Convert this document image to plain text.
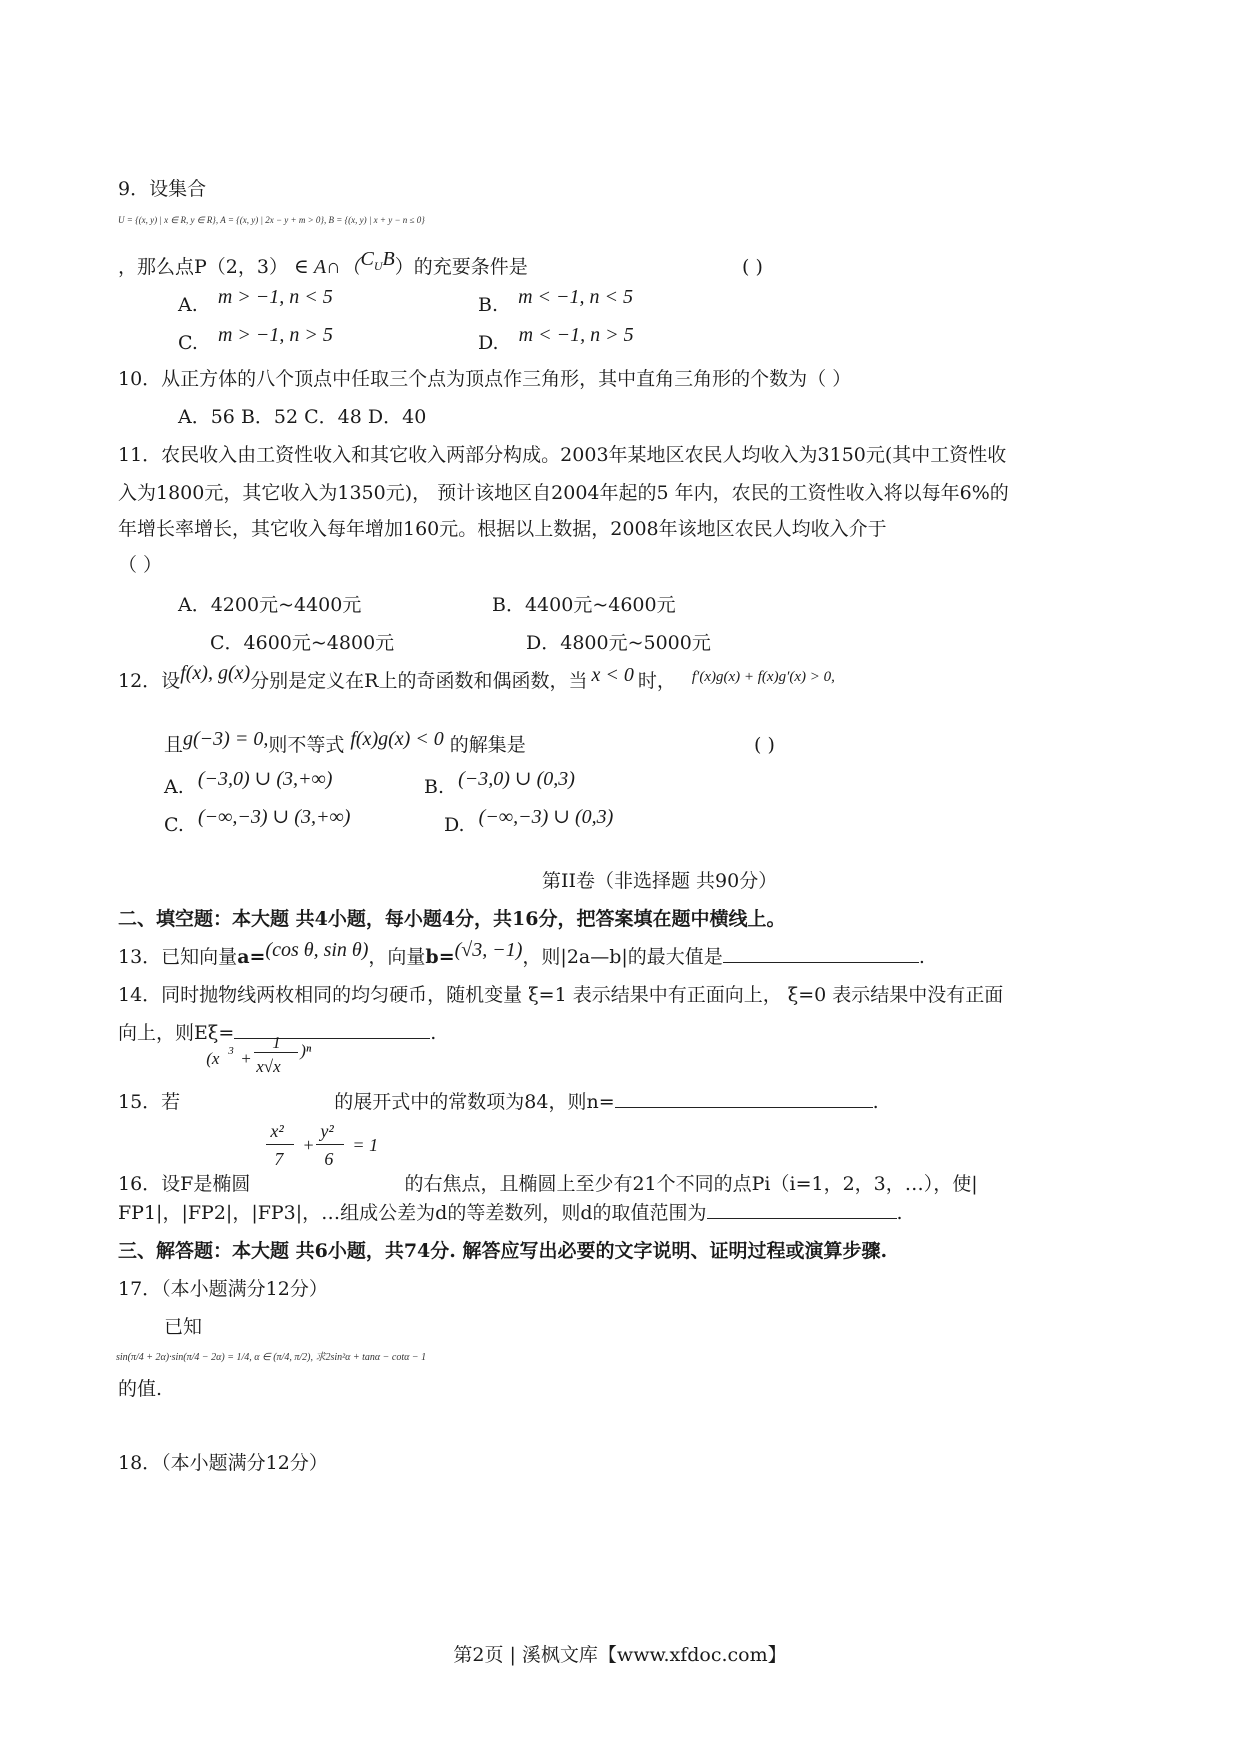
9．设集合
U = {(x, y) | x ∈ R, y ∈ R}, A = {(x, y) | 2x − y + m > 0}, B = {(x, y) | x + y − n ≤ 0}
，那么点P（2，3） ∈ $A\cap(C_UB)$的充要条件是	( )
A. m > −1, n < 5	B. m < −1, n < 5
C. m > −1, n > 5	D. m < −1, n > 5
10．从正方体的八个顶点中任取三个点为顶点作三角形，其中直角三角形的个数为（ ）
A．56 B．52 C．48 D．40
11．农民收入由工资性收入和其它收入两部分构成。2003年某地区农民人均收入为3150元(其中工资性收
入为1800元，其它收入为1350元)， 预计该地区自2004年起的5 年内，农民的工资性收入将以每年6%的
年增长率增长，其它收入每年增加160元。根据以上数据，2008年该地区农民人均收入介于
（ ）
A．4200元~4400元	B．4400元~4600元
C．4600元~4800元	D．4800元~5000元
12．设f(x), g(x)分别是定义在R上的奇函数和偶函数，当 x < 0 时， $^{f'(x)g(x) + f(x)g'(x) > 0,}$
且g(−3) = 0,则不等式 f(x)g(x) < 0 的解集是	( )
A. (−3,0) ∪ (3,+∞)	B. (−3,0) ∪ (0,3)
C. (−∞,−3) ∪ (3,+∞)	D. (−∞,−3) ∪ (0,3)
第II卷（非选择题 共90分）
二、填空题：本大题 共4小题，每小题4分，共16分，把答案填在题中横线上。
13．已知向量a=(cos θ, sin θ)，向量b=(√3, −1)，则|2a—b|的最大值是	.
14．同时抛物线两枚相同的均匀硬币，随机变量 ξ=1 表示结果中有正面向上， ξ=0 表示结果中没有正面
向上，则Eξ=	.
15．若
(x 3 +
1
x√x
)ⁿ
的展开式中的常数项为84，则n=	.
16．设F是椭圆
x²
7
+
y²
6
= 1
的右焦点，且椭圆上至少有21个不同的点Pi（i=1，2，3，…），使|
FP1|，|FP2|，|FP3|，…组成公差为d的等差数列，则d的取值范围为	.
三、解答题：本大题 共6小题，共74分. 解答应写出必要的文字说明、证明过程或演算步骤.
17．（本小题满分12分）
已知
sin(π/4 + 2α)·sin(π/4 − 2α) = 1/4, α ∈ (π/4, π/2), 求2sin²α + tanα − cotα − 1
的值.
18．（本小题满分12分）
第2页 | 溪枫文库【www.xfdoc.com】
